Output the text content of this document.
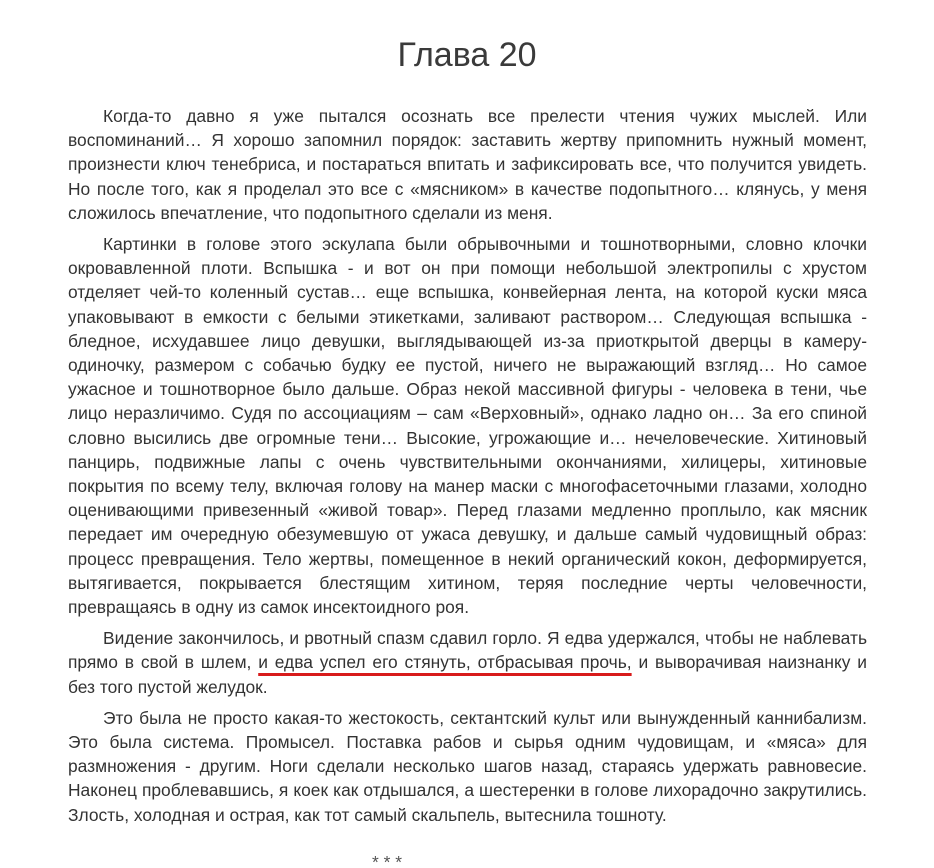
Глава 20

Когда-то давно я уже пытался осознать все прелести чтения чужих мыслей. Или воспоминаний… Я хорошо запомнил порядок: заставить жертву припомнить нужный момент, произнести ключ тенебриса, и постараться впитать и зафиксировать все, что получится увидеть. Но после того, как я проделал это все с «мясником» в качестве подопытного… клянусь, у меня сложилось впечатление, что подопытного сделали из меня.

Картинки в голове этого эскулапа были обрывочными и тошнотворными, словно клочки окровавленной плоти. Вспышка - и вот он при помощи небольшой электропилы с хрустом отделяет чей-то коленный сустав… еще вспышка, конвейерная лента, на которой куски мяса упаковывают в емкости с белыми этикетками, заливают раствором… Следующая вспышка - бледное, исхудавшее лицо девушки, выглядывающей из-за приоткрытой дверцы в камеру-одиночку, размером с собачью будку ее пустой, ничего не выражающий взгляд… Но самое ужасное и тошнотворное было дальше. Образ некой массивной фигуры - человека в тени, чье лицо неразличимо. Судя по ассоциациям – сам «Верховный», однако ладно он… За его спиной словно высились две огромные тени… Высокие, угрожающие и… нечеловеческие. Хитиновый панцирь, подвижные лапы с очень чувствительными окончаниями, хилицеры, хитиновые покрытия по всему телу, включая голову на манер маски с многофасеточными глазами, холодно оценивающими привезенный «живой товар». Перед глазами медленно проплыло, как мясник передает им очередную обезумевшую от ужаса девушку, и дальше самый чудовищный образ: процесс превращения. Тело жертвы, помещенное в некий органический кокон, деформируется, вытягивается, покрывается блестящим хитином, теряя последние черты человечности, превращаясь в одну из самок инсектоидного роя.

Видение закончилось, и рвотный спазм сдавил горло. Я едва удержался, чтобы не наблевать прямо в свой в шлем, и едва успел его стянуть, отбрасывая прочь, и выворачивая наизнанку и без того пустой желудок.

Это была не просто какая-то жестокость, сектантский культ или вынужденный каннибализм. Это была система. Промысел. Поставка рабов и сырья одним чудовищам, и «мяса» для размножения - другим. Ноги сделали несколько шагов назад, стараясь удержать равновесие. Наконец проблевавшись, я коек как отдышался, а шестеренки в голове лихорадочно закрутились. Злость, холодная и острая, как тот самый скальпель, вытеснила тошноту.

* * *
